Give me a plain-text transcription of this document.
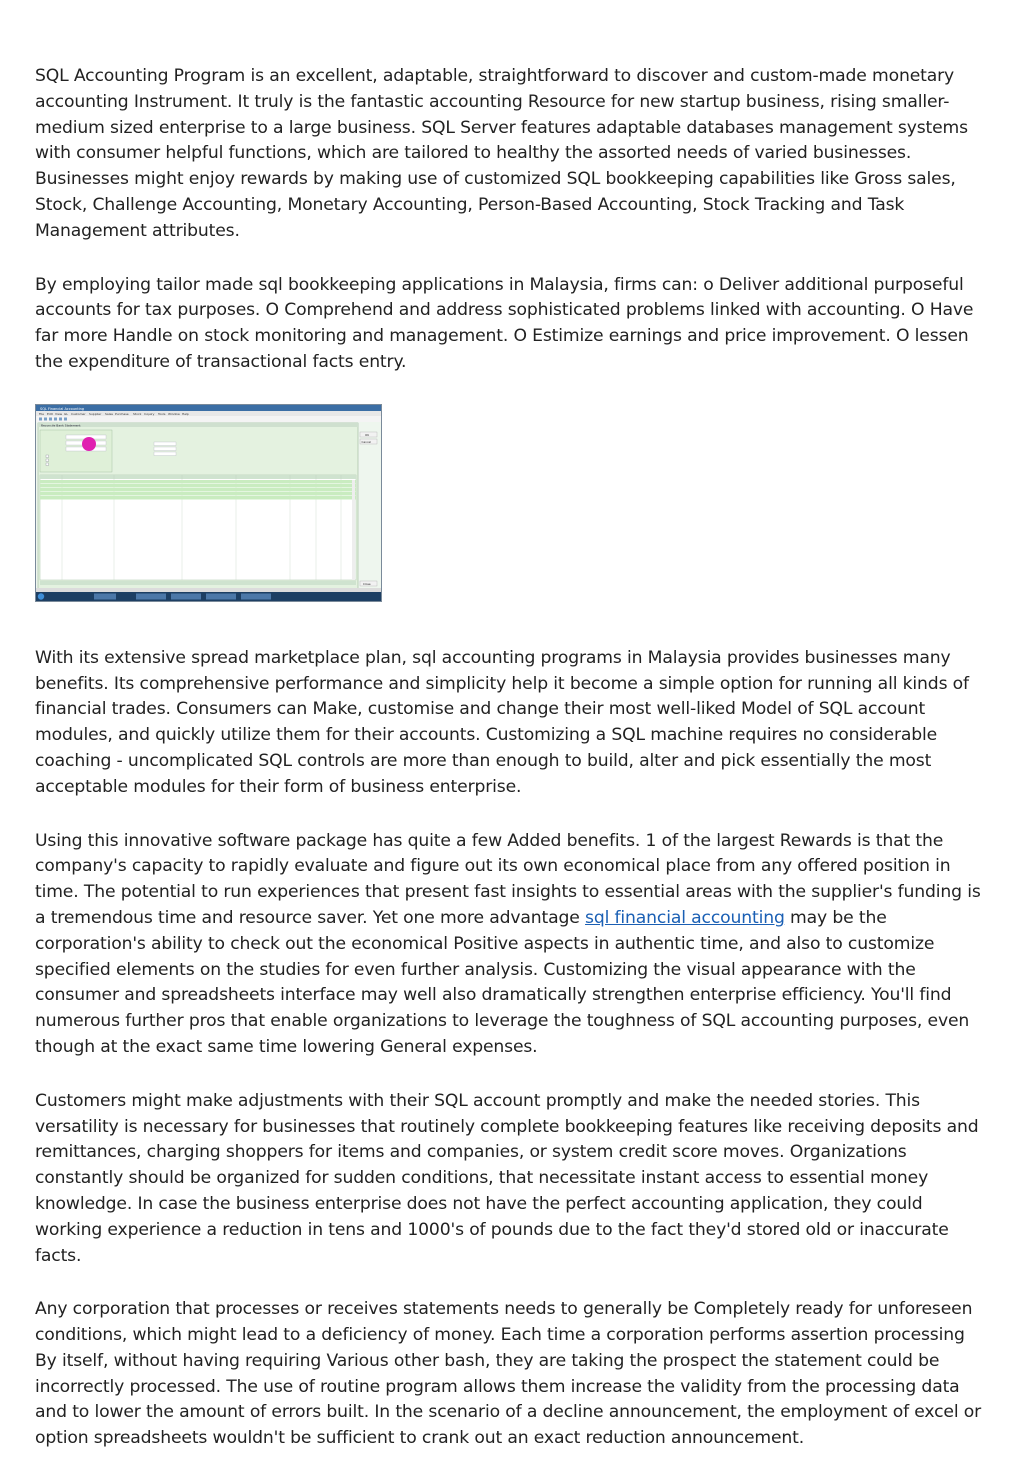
SQL Accounting Program is an excellent, adaptable, straightforward to discover and custom-made monetary accounting Instrument. It truly is the fantastic accounting Resource for new startup business, rising smaller-medium sized enterprise to a large business. SQL Server features adaptable databases management systems with consumer helpful functions, which are tailored to healthy the assorted needs of varied businesses. Businesses might enjoy rewards by making use of customized SQL bookkeeping capabilities like Gross sales, Stock, Challenge Accounting, Monetary Accounting, Person-Based Accounting, Stock Tracking and Task Management attributes.

By employing tailor made sql bookkeeping applications in Malaysia, firms can: o Deliver additional purposeful accounts for tax purposes. O Comprehend and address sophisticated problems linked with accounting. O Have far more Handle on stock monitoring and management. O Estimize earnings and price improvement. O lessen the expenditure of transactional facts entry.

SQL Financial Accounting
File Edit View GL Customer Supplier Sales Purchase Stock Inquiry	Tools Window Help
Reconcile Bank Statement
OK
Cancel
Close

With its extensive spread marketplace plan, sql accounting programs in Malaysia provides businesses many benefits. Its comprehensive performance and simplicity help it become a simple option for running all kinds of financial trades. Consumers can Make, customise and change their most well-liked Model of SQL account modules, and quickly utilize them for their accounts. Customizing a SQL machine requires no considerable coaching - uncomplicated SQL controls are more than enough to build, alter and pick essentially the most acceptable modules for their form of business enterprise.

Using this innovative software package has quite a few Added benefits. 1 of the largest Rewards is that the company's capacity to rapidly evaluate and figure out its own economical place from any offered position in time. The potential to run experiences that present fast insights to essential areas with the supplier's funding is a tremendous time and resource saver. Yet one more advantage sql financial accounting may be the corporation's ability to check out the economical Positive aspects in authentic time, and also to customize specified elements on the studies for even further analysis. Customizing the visual appearance with the consumer and spreadsheets interface may well also dramatically strengthen enterprise efficiency. You'll find numerous further pros that enable organizations to leverage the toughness of SQL accounting purposes, even though at the exact same time lowering General expenses.

Customers might make adjustments with their SQL account promptly and make the needed stories. This versatility is necessary for businesses that routinely complete bookkeeping features like receiving deposits and remittances, charging shoppers for items and companies, or system credit score moves. Organizations constantly should be organized for sudden conditions, that necessitate instant access to essential money knowledge. In case the business enterprise does not have the perfect accounting application, they could working experience a reduction in tens and 1000's of pounds due to the fact they'd stored old or inaccurate facts.

Any corporation that processes or receives statements needs to generally be Completely ready for unforeseen conditions, which might lead to a deficiency of money. Each time a corporation performs assertion processing By itself, without having requiring Various other bash, they are taking the prospect the statement could be incorrectly processed. The use of routine program allows them increase the validity from the processing data and to lower the amount of errors built. In the scenario of a decline announcement, the employment of excel or option spreadsheets wouldn't be sufficient to crank out an exact reduction announcement.
